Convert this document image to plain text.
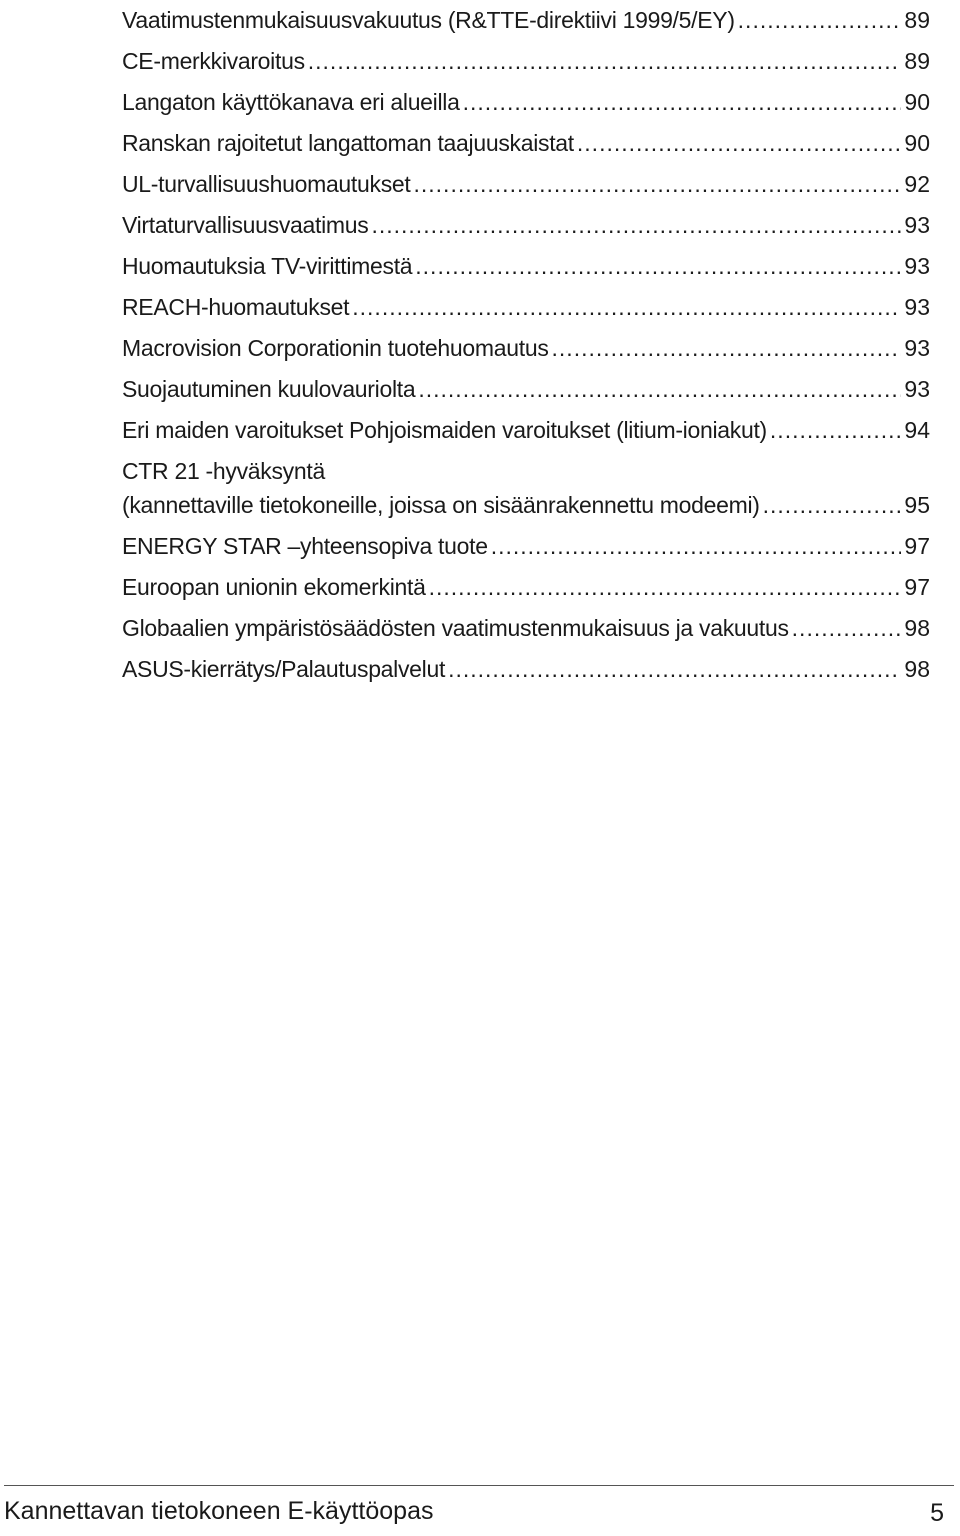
Vaatimustenmukaisuusvakuutus (R&TTE-direktiivi 1999/5/EY) .....	89
CE-merkkivaroitus .....	89
Langaton käyttökanava eri alueilla .....	90
Ranskan rajoitetut langattoman taajuuskaistat .....	90
UL-turvallisuushuomautukset .....	92
Virtaturvallisuusvaatimus .....	93
Huomautuksia TV-virittimestä .....	93
REACH-huomautukset .....	93
Macrovision Corporationin tuotehuomautus .....	93
Suojautuminen kuulovauriolta .....	93
Eri maiden varoitukset Pohjoismaiden varoitukset (litium-ioniakut) .....	94
CTR 21 -hyväksyntä
(kannettaville tietokoneille, joissa on sisäänrakennettu modeemi) .....	95
ENERGY STAR –yhteensopiva tuote .....	97
Euroopan unionin ekomerkintä .....	97
Globaalien ympäristösäädösten vaatimustenmukaisuus ja vakuutus .....	98
ASUS-kierrätys/Palautuspalvelut .....	98
Kannettavan tietokoneen E-käyttöopas	5
